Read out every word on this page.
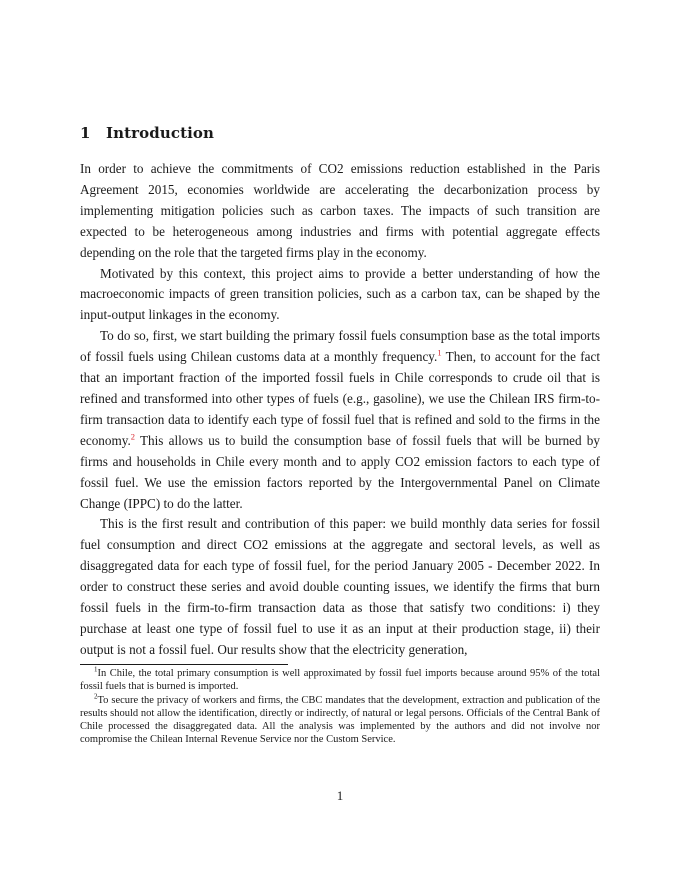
1 Introduction

In order to achieve the commitments of CO2 emissions reduction established in the Paris Agreement 2015, economies worldwide are accelerating the decarbonization process by implementing mitigation policies such as carbon taxes. The impacts of such transition are expected to be heterogeneous among industries and firms with potential aggregate effects depending on the role that the targeted firms play in the economy.

Motivated by this context, this project aims to provide a better understanding of how the macroeconomic impacts of green transition policies, such as a carbon tax, can be shaped by the input-output linkages in the economy.

To do so, first, we start building the primary fossil fuels consumption base as the total imports of fossil fuels using Chilean customs data at a monthly frequency.$^1$ Then, to account for the fact that an important fraction of the imported fossil fuels in Chile corresponds to crude oil that is refined and transformed into other types of fuels (e.g., gasoline), we use the Chilean IRS firm-to-firm transaction data to identify each type of fossil fuel that is refined and sold to the firms in the economy.$^2$ This allows us to build the consumption base of fossil fuels that will be burned by firms and households in Chile every month and to apply CO2 emission factors to each type of fossil fuel. We use the emission factors reported by the Intergovernmental Panel on Climate Change (IPPC) to do the latter.

This is the first result and contribution of this paper: we build monthly data series for fossil fuel consumption and direct CO2 emissions at the aggregate and sectoral levels, as well as disaggregated data for each type of fossil fuel, for the period January 2005 - December 2022. In order to construct these series and avoid double counting issues, we identify the firms that burn fossil fuels in the firm-to-firm transaction data as those that satisfy two conditions: i) they purchase at least one type of fossil fuel to use it as an input at their production stage, ii) their output is not a fossil fuel. Our results show that the electricity generation,

$^1$In Chile, the total primary consumption is well approximated by fossil fuel imports because around 95% of the total fossil fuels that is burned is imported.

$^2$To secure the privacy of workers and firms, the CBC mandates that the development, extraction and publication of the results should not allow the identification, directly or indirectly, of natural or legal persons. Officials of the Central Bank of Chile processed the disaggregated data. All the analysis was implemented by the authors and did not involve nor compromise the Chilean Internal Revenue Service nor the Custom Service.

1
